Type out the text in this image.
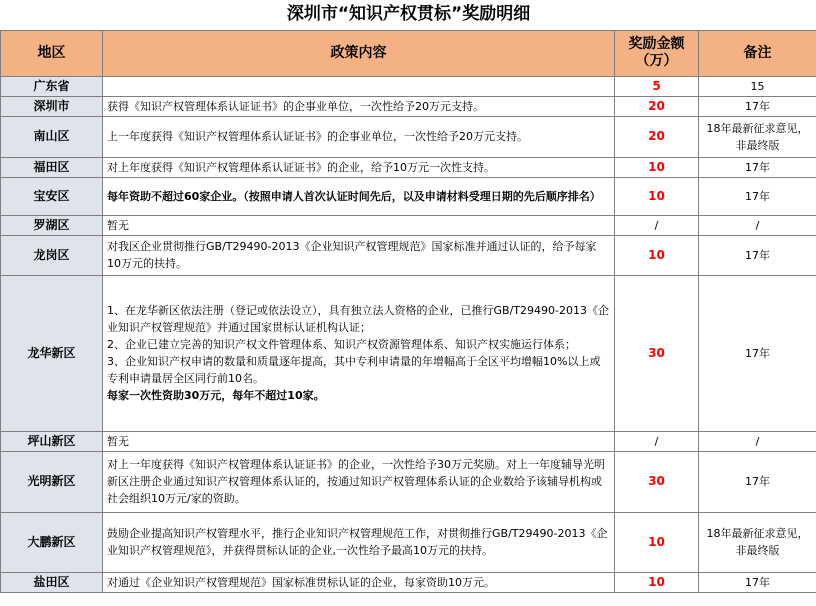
深圳市“知识产权贯标”奖励明细			
地区	政策内容	奖励金额（万）	备注
广东省		5	15
深圳市	获得《知识产权管理体系认证证书》的企事业单位，一次性给予20万元支持。	20	17年
南山区	上一年度获得《知识产权管理体系认证证书》的企事业单位，一次性给予20万元支持。	20	18年最新征求意见，非最终版
福田区	对上年度获得《知识产权管理体系认证证书》的企业，给予10万元一次性支持。	10	17年
宝安区	每年资助不超过60家企业。（按照申请人首次认证时间先后，以及申请材料受理日期的先后顺序排名）	10	17年
罗湖区	暂无	/	/
龙岗区	对我区企业贯彻推行GB/T29490-2013《企业知识产权管理规范》国家标准并通过认证的，给予每家10万元的扶持。	10	17年
龙华新区	1、在龙华新区依法注册（登记或依法设立），具有独立法人资格的企业，已推行GB/T29490-2013《企业知识产权管理规范》并通过国家贯标认证机构认证；
2、企业已建立完善的知识产权文件管理体系、知识产权资源管理体系、知识产权实施运行体系；
3、企业知识产权申请的数量和质量逐年提高，其中专利申请量的年增幅高于全区平均增幅10%以上或专利申请量居全区同行前10名。
每家一次性资助30万元，每年不超过10家。	30	17年
坪山新区	暂无	/	/
光明新区	对上一年度获得《知识产权管理体系认证证书》的企业，一次性给予30万元奖励。对上一年度辅导光明新区注册企业通过知识产权管理体系认证的，按通过知识产权管理体系认证的企业数给予该辅导机构或社会组织10万元/家的资助。	30	17年
大鹏新区	鼓励企业提高知识产权管理水平，推行企业知识产权管理规范工作，对贯彻推行GB/T29490-2013《企业知识产权管理规范》，并获得贯标认证的企业,一次性给予最高10万元的扶持。	10	18年最新征求意见，非最终版
盐田区	对通过《企业知识产权管理规范》国家标准贯标认证的企业，每家资助10万元。	10	17年
